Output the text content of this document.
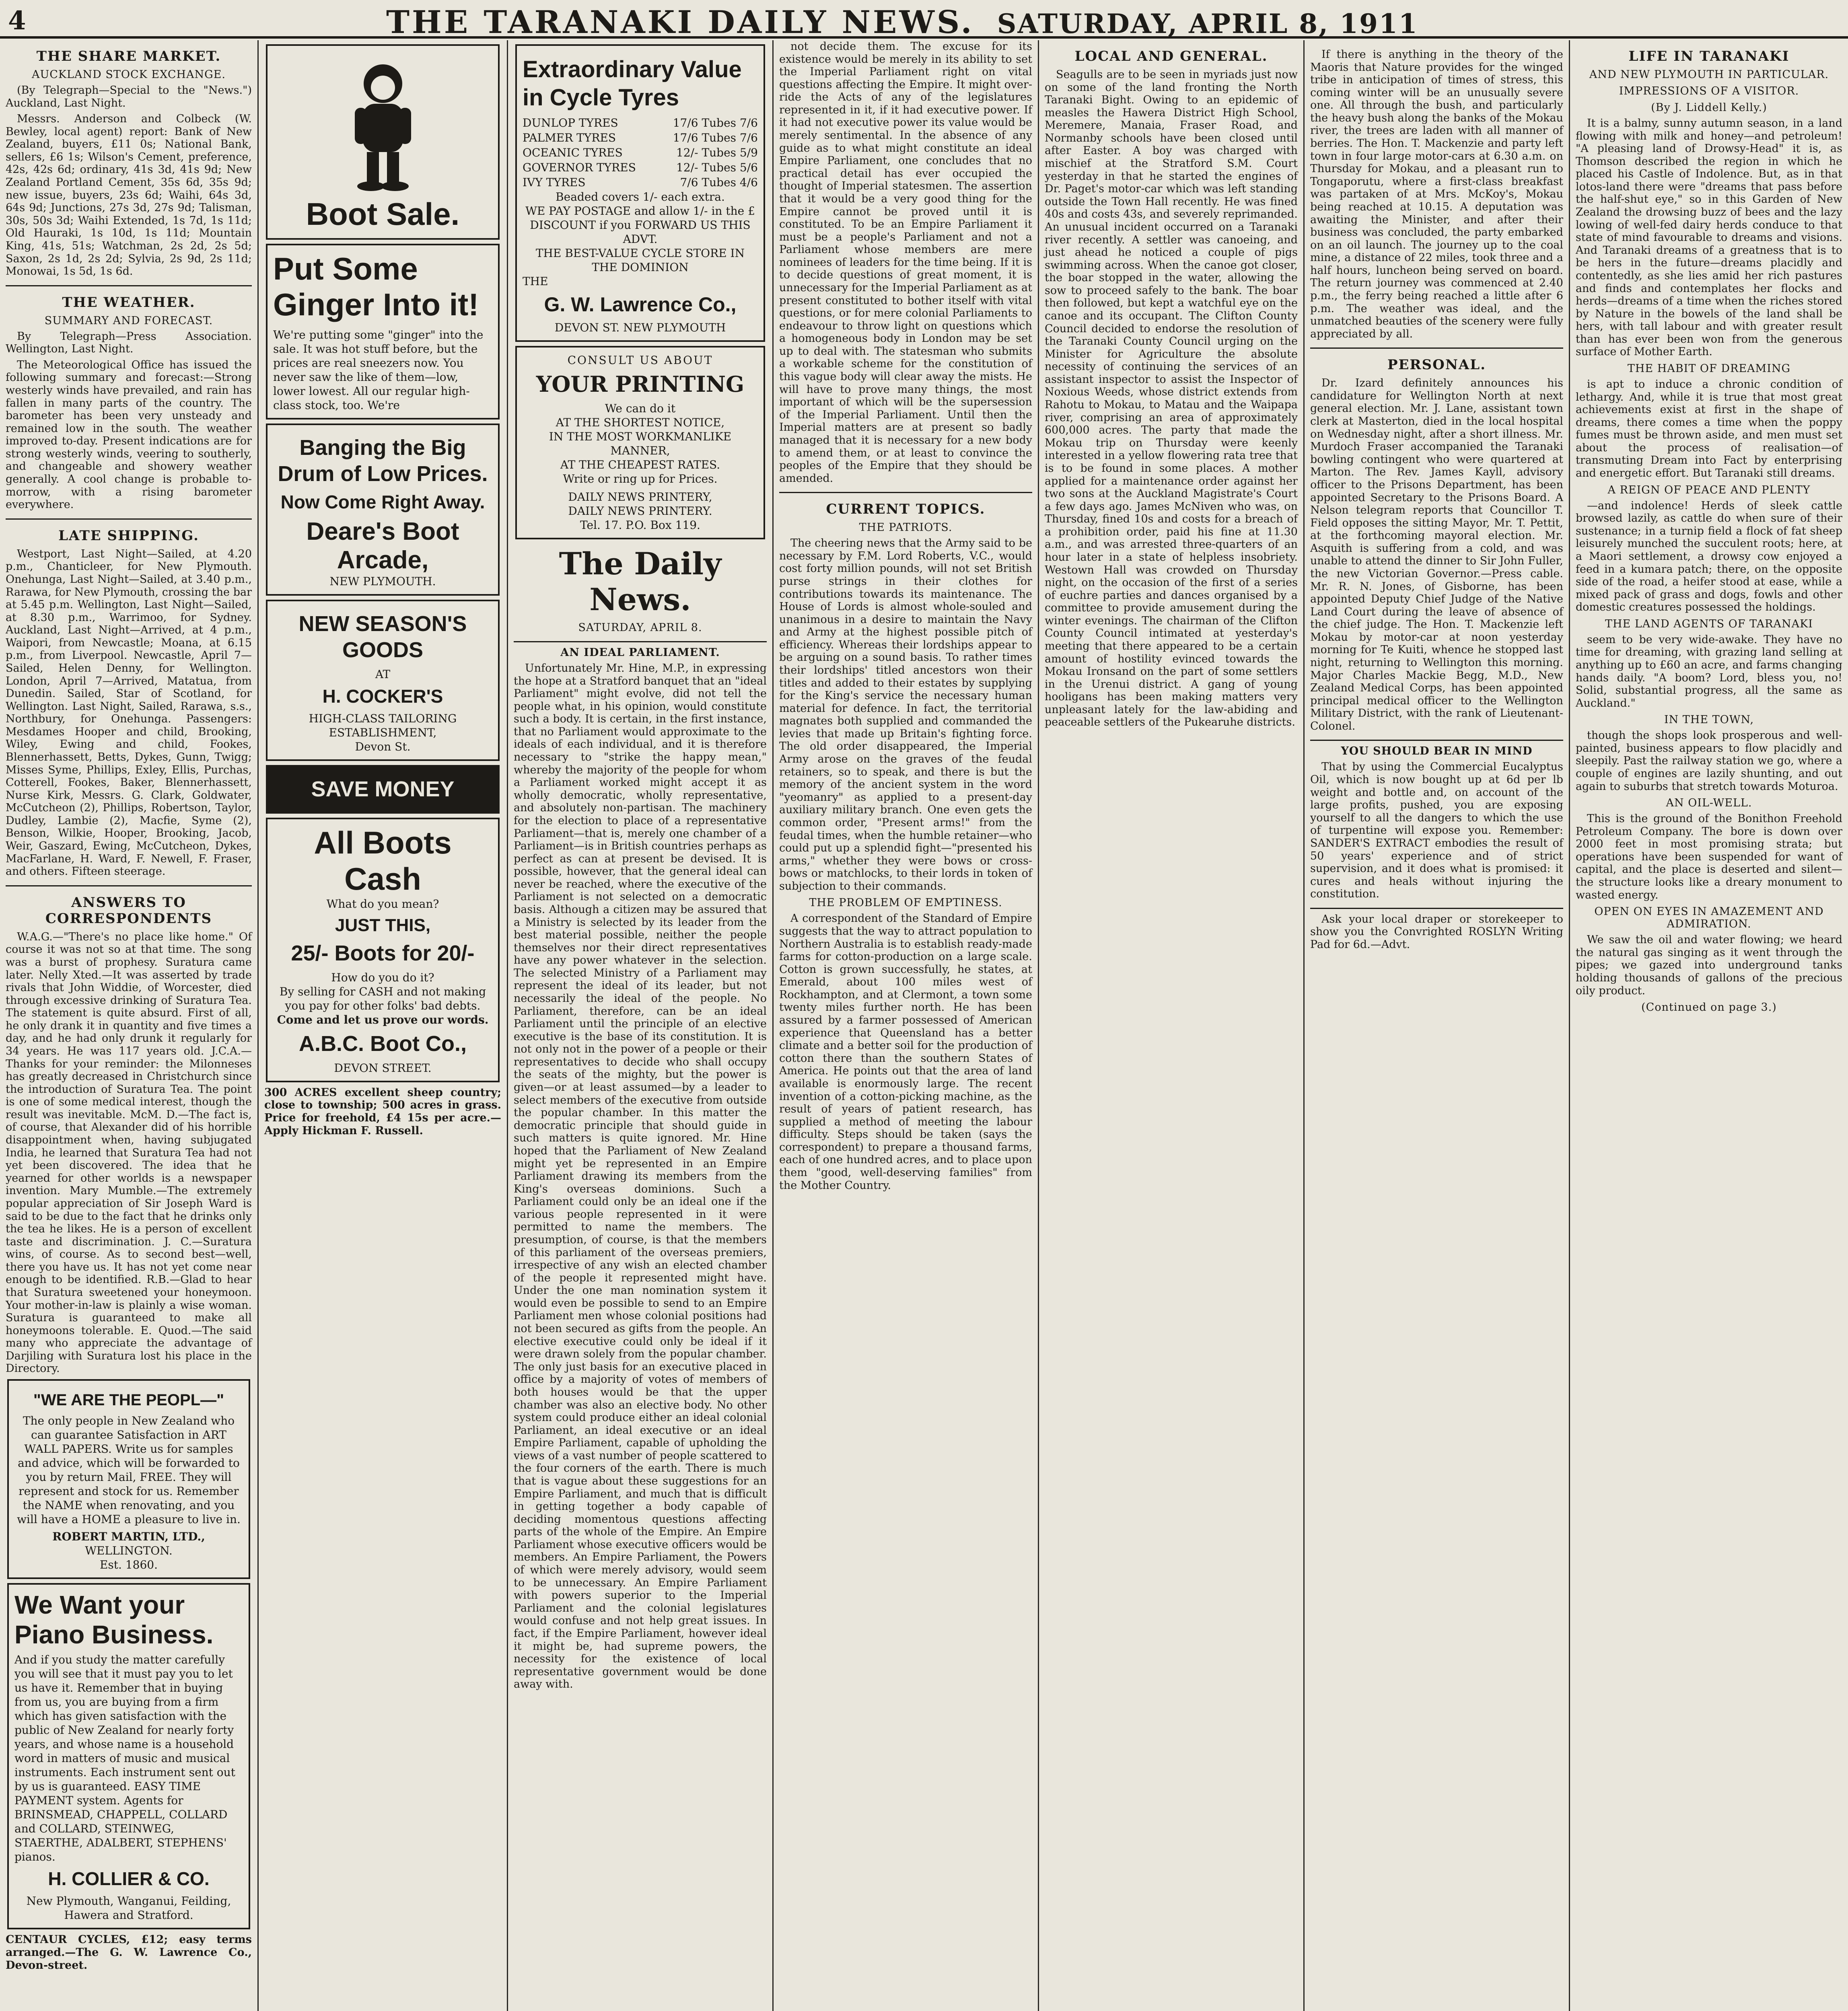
4	THE TARANAKI DAILY NEWS. SATURDAY, APRIL 8, 1911
THE SHARE MARKET.
AUCKLAND STOCK EXCHANGE.
(By Telegraph—Special to the "News.") Auckland, Last Night.
Messrs. Anderson and Colbeck (W. Bewley, local agent) report: Bank of New Zealand, buyers, £11 0s; National Bank, sellers, £6 1s; Wilson's Cement, preference, 42s, 42s 6d; ordinary, 41s 3d, 41s 9d; New Zealand Portland Cement, 35s 6d, 35s 9d; new issue, buyers, 23s 6d; Waihi, 64s 3d, 64s 9d; Junctions, 27s 3d, 27s 9d; Talisman, 30s, 50s 3d; Waihi Extended, 1s 7d, 1s 11d; Old Hauraki, 1s 10d, 1s 11d; Mountain King, 41s, 51s; Watchman, 2s 2d, 2s 5d; Saxon, 2s 1d, 2s 2d; Sylvia, 2s 9d, 2s 11d; Monowai, 1s 5d, 1s 6d.
THE WEATHER.
SUMMARY AND FORECAST.
By Telegraph—Press Association. Wellington, Last Night.
The Meteorological Office has issued the following summary and forecast:—Strong westerly winds have prevailed, and rain has fallen in many parts of the country. The barometer has been very unsteady and remained low in the south. The weather improved to-day. Present indications are for strong westerly winds, veering to southerly, and changeable and showery weather generally. A cool change is probable to-morrow, with a rising barometer everywhere.
LATE SHIPPING.
Westport, Last Night—Sailed, at 4.20 p.m., Chanticleer, for New Plymouth. Onehunga, Last Night—Sailed, at 3.40 p.m., Rarawa, for New Plymouth, crossing the bar at 5.45 p.m. Wellington, Last Night—Sailed, at 8.30 p.m., Warrimoo, for Sydney. Auckland, Last Night—Arrived, at 4 p.m., Waipori, from Newcastle; Moana, at 6.15 p.m., from Liverpool. Newcastle, April 7—Sailed, Helen Denny, for Wellington. London, April 7—Arrived, Matatua, from Dunedin. Sailed, Star of Scotland, for Wellington. Last Night, Sailed, Rarawa, s.s., Northbury, for Onehunga. Passengers: Mesdames Hooper and child, Brooking, Wiley, Ewing and child, Fookes, Blennerhassett, Betts, Dykes, Gunn, Twigg; Misses Syme, Phillips, Exley, Ellis, Purchas, Cotterell, Fookes, Baker, Blennerhassett, Nurse Kirk, Messrs. G. Clark, Goldwater, McCutcheon (2), Phillips, Robertson, Taylor, Dudley, Lambie (2), Macfie, Syme (2), Benson, Wilkie, Hooper, Brooking, Jacob, Weir, Gaszard, Ewing, McCutcheon, Dykes, MacFarlane, H. Ward, F. Newell, F. Fraser, and others. Fifteen steerage.
ANSWERS TO CORRESPONDENTS
W.A.G.—"There's no place like home." Of course it was not so at that time. The song was a burst of prophesy. Suratura came later. Nelly Xted.—It was asserted by trade rivals that John Widdie, of Worcester, died through excessive drinking of Suratura Tea. The statement is quite absurd. First of all, he only drank it in quantity and five times a day, and he had only drunk it regularly for 34 years. He was 117 years old. J.C.A.—Thanks for your reminder: the Milonneses has greatly decreased in Christchurch since the introduction of Suratura Tea. The point is one of some medical interest, though the result was inevitable. McM. D.—The fact is, of course, that Alexander did of his horrible disappointment when, having subjugated India, he learned that Suratura Tea had not yet been discovered. The idea that he yearned for other worlds is a newspaper invention. Mary Mumble.—The extremely popular appreciation of Sir Joseph Ward is said to be due to the fact that he drinks only the tea he likes. He is a person of excellent taste and discrimination. J. C.—Suratura wins, of course. As to second best—well, there you have us. It has not yet come near enough to be identified. R.B.—Glad to hear that Suratura sweetened your honeymoon. Your mother-in-law is plainly a wise woman. Suratura is guaranteed to make all honeymoons tolerable. E. Quod.—The said many who appreciate the advantage of Darjiling with Suratura lost his place in the Directory.
"WE ARE THE PEOPL—"
The only people in New Zealand who can guarantee Satisfaction in ART WALL PAPERS. Write us for samples and advice, which will be forwarded to you by return Mail, FREE. They will represent and stock for us. Remember the NAME when renovating, and you will have a HOME a pleasure to live in.
ROBERT MARTIN, LTD.,
WELLINGTON.
Est. 1860.
We Want your Piano Business.
And if you study the matter carefully you will see that it must pay you to let us have it. Remember that in buying from us, you are buying from a firm which has given satisfaction with the public of New Zealand for nearly forty years, and whose name is a household word in matters of music and musical instruments. Each instrument sent out by us is guaranteed. EASY TIME PAYMENT system. Agents for BRINSMEAD, CHAPPELL, COLLARD and COLLARD, STEINWEG, STAERTHE, ADALBERT, STEPHENS' pianos.
H. COLLIER & CO.
New Plymouth, Wanganui, Feilding, Hawera and Stratford.
CENTAUR CYCLES, £12; easy terms arranged.—The G. W. Lawrence Co., Devon-street.
Boot Sale.
Put Some Ginger Into it!
We're putting some "ginger" into the sale. It was hot stuff before, but the prices are real sneezers now. You never saw the like of them—low, lower lowest. All our regular high-class stock, too. We're
Banging the Big Drum of Low Prices.
Now Come Right Away.
Deare's Boot Arcade,
NEW PLYMOUTH.
NEW SEASON'S GOODS
AT
H. COCKER'S
HIGH-CLASS TAILORING ESTABLISHMENT,
Devon St.
SAVE MONEY
All Boots Cash
What do you mean?
JUST THIS,
25/- Boots for 20/-
How do you do it?
By selling for CASH and not making you pay for other folks' bad debts.
Come and let us prove our words.
A.B.C. Boot Co.,
DEVON STREET.
300 ACRES excellent sheep country; close to township; 500 acres in grass. Price for freehold, £4 15s per acre.—Apply Hickman F. Russell.
Extraordinary Value in Cycle Tyres
DUNLOP TYRES	17/6 Tubes 7/6
PALMER TYRES	17/6 Tubes 7/6
OCEANIC TYRES	12/- Tubes 5/9
GOVERNOR TYRES	12/- Tubes 5/6
IVY TYRES	7/6 Tubes 4/6
Beaded covers 1/- each extra.
WE PAY POSTAGE and allow 1/- in the £ DISCOUNT if you FORWARD US THIS ADVT.
THE BEST-VALUE CYCLE STORE IN THE DOMINION
THE
G. W. Lawrence Co.,
DEVON ST. NEW PLYMOUTH
CONSULT US ABOUT
YOUR PRINTING
We can do it
AT THE SHORTEST NOTICE,
IN THE MOST WORKMANLIKE MANNER,
AT THE CHEAPEST RATES.
Write or ring up for Prices.
DAILY NEWS PRINTERY,
DAILY NEWS PRINTERY.
Tel. 17. P.O. Box 119.
The Daily News.
SATURDAY, APRIL 8.
AN IDEAL PARLIAMENT.
Unfortunately Mr. Hine, M.P., in expressing the hope at a Stratford banquet that an "ideal Parliament" might evolve, did not tell the people what, in his opinion, would constitute such a body. It is certain, in the first instance, that no Parliament would approximate to the ideals of each individual, and it is therefore necessary to "strike the happy mean," whereby the majority of the people for whom a Parliament worked might accept it as wholly democratic, wholly representative, and absolutely non-partisan. The machinery for the election to place of a representative Parliament—that is, merely one chamber of a Parliament—is in British countries perhaps as perfect as can at present be devised. It is possible, however, that the general ideal can never be reached, where the executive of the Parliament is not selected on a democratic basis. Although a citizen may be assured that a Ministry is selected by its leader from the best material possible, neither the people themselves nor their direct representatives have any power whatever in the selection. The selected Ministry of a Parliament may represent the ideal of its leader, but not necessarily the ideal of the people. No Parliament, therefore, can be an ideal Parliament until the principle of an elective executive is the base of its constitution. It is not only not in the power of a people or their representatives to decide who shall occupy the seats of the mighty, but the power is given—or at least assumed—by a leader to select members of the executive from outside the popular chamber. In this matter the democratic principle that should guide in such matters is quite ignored. Mr. Hine hoped that the Parliament of New Zealand might yet be represented in an Empire Parliament drawing its members from the King's overseas dominions. Such a Parliament could only be an ideal one if the various people represented in it were permitted to name the members. The presumption, of course, is that the members of this parliament of the overseas premiers, irrespective of any wish an elected chamber of the people it represented might have. Under the one man nomination system it would even be possible to send to an Empire Parliament men whose colonial positions had not been secured as gifts from the people. An elective executive could only be ideal if it were drawn solely from the popular chamber. The only just basis for an executive placed in office by a majority of votes of members of both houses would be that the upper chamber was also an elective body. No other system could produce either an ideal colonial Parliament, an ideal executive or an ideal Empire Parliament, capable of upholding the views of a vast number of people scattered to the four corners of the earth. There is much that is vague about these suggestions for an Empire Parliament, and much that is difficult in getting together a body capable of deciding momentous questions affecting parts of the whole of the Empire. An Empire Parliament whose executive officers would be members. An Empire Parliament, the Powers of which were merely advisory, would seem to be unnecessary. An Empire Parliament with powers superior to the Imperial Parliament and the colonial legislatures would confuse and not help great issues. In fact, if the Empire Parliament, however ideal it might be, had supreme powers, the necessity for the existence of local representative government would be done away with.
not decide them. The excuse for its existence would be merely in its ability to set the Imperial Parliament right on vital questions affecting the Empire. It might over-ride the Acts of any of the legislatures represented in it, if it had executive power. If it had not executive power its value would be merely sentimental. In the absence of any guide as to what might constitute an ideal Empire Parliament, one concludes that no practical detail has ever occupied the thought of Imperial statesmen. The assertion that it would be a very good thing for the Empire cannot be proved until it is constituted. To be an Empire Parliament it must be a people's Parliament and not a Parliament whose members are mere nominees of leaders for the time being. If it is to decide questions of great moment, it is unnecessary for the Imperial Parliament as at present constituted to bother itself with vital questions, or for mere colonial Parliaments to endeavour to throw light on questions which a homogeneous body in London may be set up to deal with. The statesman who submits a workable scheme for the constitution of this vague body will clear away the mists. He will have to prove many things, the most important of which will be the supersession of the Imperial Parliament. Until then the Imperial matters are at present so badly managed that it is necessary for a new body to amend them, or at least to convince the peoples of the Empire that they should be amended.
CURRENT TOPICS.
THE PATRIOTS.
The cheering news that the Army said to be necessary by F.M. Lord Roberts, V.C., would cost forty million pounds, will not set British purse strings in their clothes for contributions towards its maintenance. The House of Lords is almost whole-souled and unanimous in a desire to maintain the Navy and Army at the highest possible pitch of efficiency. Whereas their lordships appear to be arguing on a sound basis. To rather times their lordships' titled ancestors won their titles and added to their estates by supplying for the King's service the necessary human material for defence. In fact, the territorial magnates both supplied and commanded the levies that made up Britain's fighting force. The old order disappeared, the Imperial Army arose on the graves of the feudal retainers, so to speak, and there is but the memory of the ancient system in the word "yeomanry" as applied to a present-day auxiliary military branch. One even gets the common order, "Present arms!" from the feudal times, when the humble retainer—who could put up a splendid fight—"presented his arms," whether they were bows or cross-bows or matchlocks, to their lords in token of subjection to their commands.
THE PROBLEM OF EMPTINESS.
A correspondent of the Standard of Empire suggests that the way to attract population to Northern Australia is to establish ready-made farms for cotton-production on a large scale. Cotton is grown successfully, he states, at Emerald, about 100 miles west of Rockhampton, and at Clermont, a town some twenty miles further north. He has been assured by a farmer possessed of American experience that Queensland has a better climate and a better soil for the production of cotton there than the southern States of America. He points out that the area of land available is enormously large. The recent invention of a cotton-picking machine, as the result of years of patient research, has supplied a method of meeting the labour difficulty. Steps should be taken (says the correspondent) to prepare a thousand farms, each of one hundred acres, and to place upon them "good, well-deserving families" from the Mother Country.
LOCAL AND GENERAL.
Seagulls are to be seen in myriads just now on some of the land fronting the North Taranaki Bight. Owing to an epidemic of measles the Hawera District High School, Meremere, Manaia, Fraser Road, and Normanby schools have been closed until after Easter. A boy was charged with mischief at the Stratford S.M. Court yesterday in that he started the engines of Dr. Paget's motor-car which was left standing outside the Town Hall recently. He was fined 40s and costs 43s, and severely reprimanded. An unusual incident occurred on a Taranaki river recently. A settler was canoeing, and just ahead he noticed a couple of pigs swimming across. When the canoe got closer, the boar stopped in the water, allowing the sow to proceed safely to the bank. The boar then followed, but kept a watchful eye on the canoe and its occupant. The Clifton County Council decided to endorse the resolution of the Taranaki County Council urging on the Minister for Agriculture the absolute necessity of continuing the services of an assistant inspector to assist the Inspector of Noxious Weeds, whose district extends from Rahotu to Mokau, to Matau and the Waipapa river, comprising an area of approximately 600,000 acres. The party that made the Mokau trip on Thursday were keenly interested in a yellow flowering rata tree that is to be found in some places. A mother applied for a maintenance order against her two sons at the Auckland Magistrate's Court a few days ago. James McNiven who was, on Thursday, fined 10s and costs for a breach of a prohibition order, paid his fine at 11.30 a.m., and was arrested three-quarters of an hour later in a state of helpless insobriety. Westown Hall was crowded on Thursday night, on the occasion of the first of a series of euchre parties and dances organised by a committee to provide amusement during the winter evenings. The chairman of the Clifton County Council intimated at yesterday's meeting that there appeared to be a certain amount of hostility evinced towards the Mokau Ironsand on the part of some settlers in the Urenui district. A gang of young hooligans has been making matters very unpleasant lately for the law-abiding and peaceable settlers of the Pukearuhe districts.
If there is anything in the theory of the Maoris that Nature provides for the winged tribe in anticipation of times of stress, this coming winter will be an unusually severe one. All through the bush, and particularly the heavy bush along the banks of the Mokau river, the trees are laden with all manner of berries. The Hon. T. Mackenzie and party left town in four large motor-cars at 6.30 a.m. on Thursday for Mokau, and a pleasant run to Tongaporutu, where a first-class breakfast was partaken of at Mrs. McKoy's, Mokau being reached at 10.15. A deputation was awaiting the Minister, and after their business was concluded, the party embarked on an oil launch. The journey up to the coal mine, a distance of 22 miles, took three and a half hours, luncheon being served on board. The return journey was commenced at 2.40 p.m., the ferry being reached a little after 6 p.m. The weather was ideal, and the unmatched beauties of the scenery were fully appreciated by all.
PERSONAL.
Dr. Izard definitely announces his candidature for Wellington North at next general election. Mr. J. Lane, assistant town clerk at Masterton, died in the local hospital on Wednesday night, after a short illness. Mr. Murdoch Fraser accompanied the Taranaki bowling contingent who were quartered at Marton. The Rev. James Kayll, advisory officer to the Prisons Department, has been appointed Secretary to the Prisons Board. A Nelson telegram reports that Councillor T. Field opposes the sitting Mayor, Mr. T. Pettit, at the forthcoming mayoral election. Mr. Asquith is suffering from a cold, and was unable to attend the dinner to Sir John Fuller, the new Victorian Governor.—Press cable. Mr. R. N. Jones, of Gisborne, has been appointed Deputy Chief Judge of the Native Land Court during the leave of absence of the chief judge. The Hon. T. Mackenzie left Mokau by motor-car at noon yesterday morning for Te Kuiti, whence he stopped last night, returning to Wellington this morning. Major Charles Mackie Begg, M.D., New Zealand Medical Corps, has been appointed principal medical officer to the Wellington Military District, with the rank of Lieutenant-Colonel.
YOU SHOULD BEAR IN MIND
That by using the Commercial Eucalyptus Oil, which is now bought up at 6d per lb weight and bottle and, on account of the large profits, pushed, you are exposing yourself to all the dangers to which the use of turpentine will expose you. Remember: SANDER'S EXTRACT embodies the result of 50 years' experience and of strict supervision, and it does what is promised: it cures and heals without injuring the constitution.
Ask your local draper or storekeeper to show you the Convrighted ROSLYN Writing Pad for 6d.—Advt.
LIFE IN TARANAKI
AND NEW PLYMOUTH IN PARTICULAR.
IMPRESSIONS OF A VISITOR.
(By J. Liddell Kelly.)
It is a balmy, sunny autumn season, in a land flowing with milk and honey—and petroleum! "A pleasing land of Drowsy-Head" it is, as Thomson described the region in which he placed his Castle of Indolence. But, as in that lotos-land there were "dreams that pass before the half-shut eye," so in this Garden of New Zealand the drowsing buzz of bees and the lazy lowing of well-fed dairy herds conduce to that state of mind favourable to dreams and visions. And Taranaki dreams of a greatness that is to be hers in the future—dreams placidly and contentedly, as she lies amid her rich pastures and finds and contemplates her flocks and herds—dreams of a time when the riches stored by Nature in the bowels of the land shall be hers, with tall labour and with greater result than has ever been won from the generous surface of Mother Earth.
THE HABIT OF DREAMING
is apt to induce a chronic condition of lethargy. And, while it is true that most great achievements exist at first in the shape of dreams, there comes a time when the poppy fumes must be thrown aside, and men must set about the process of realisation—of transmuting Dream into Fact by enterprising and energetic effort. But Taranaki still dreams.
A REIGN OF PEACE AND PLENTY
—and indolence! Herds of sleek cattle browsed lazily, as cattle do when sure of their sustenance; in a turnip field a flock of fat sheep leisurely munched the succulent roots; here, at a Maori settlement, a drowsy cow enjoyed a feed in a kumara patch; there, on the opposite side of the road, a heifer stood at ease, while a mixed pack of grass and dogs, fowls and other domestic creatures possessed the holdings.
THE LAND AGENTS OF TARANAKI
seem to be very wide-awake. They have no time for dreaming, with grazing land selling at anything up to £60 an acre, and farms changing hands daily. "A boom? Lord, bless you, no! Solid, substantial progress, all the same as Auckland."
IN THE TOWN,
though the shops look prosperous and well-painted, business appears to flow placidly and sleepily. Past the railway station we go, where a couple of engines are lazily shunting, and out again to suburbs that stretch towards Moturoa.
AN OIL-WELL.
This is the ground of the Bonithon Freehold Petroleum Company. The bore is down over 2000 feet in most promising strata; but operations have been suspended for want of capital, and the place is deserted and silent—the structure looks like a dreary monument to wasted energy.
OPEN ON EYES IN AMAZEMENT AND ADMIRATION.
We saw the oil and water flowing; we heard the natural gas singing as it went through the pipes; we gazed into underground tanks holding thousands of gallons of the precious oily product.
(Continued on page 3.)
